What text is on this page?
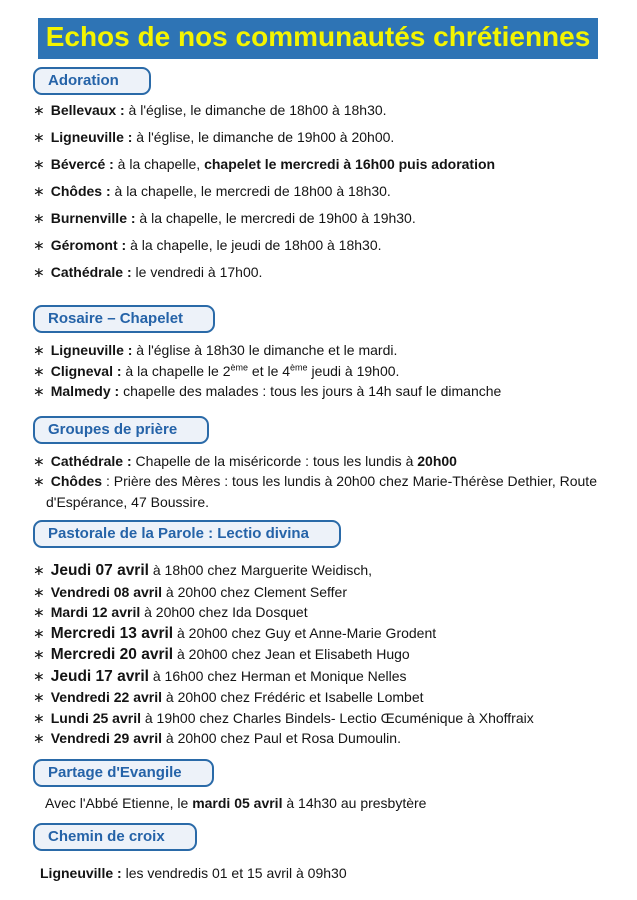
Echos de nos communautés chrétiennes
Adoration
∗ Bellevaux : à l'église, le dimanche de 18h00 à 18h30.
∗ Ligneuville : à l'église, le dimanche de 19h00 à 20h00.
∗ Bévercé : à la chapelle, chapelet le mercredi à 16h00 puis adoration
∗ Chôdes : à la chapelle, le mercredi de 18h00 à 18h30.
∗ Burnenville : à la chapelle, le mercredi de 19h00 à 19h30.
∗ Géromont : à la chapelle, le jeudi de 18h00 à 18h30.
∗ Cathédrale : le vendredi à 17h00.
Rosaire – Chapelet
∗ Ligneuville : à l'église à 18h30 le dimanche et le mardi.
∗ Cligneval : à la chapelle le 2ème et le 4ème jeudi à 19h00.
∗ Malmedy : chapelle des malades : tous les jours à 14h sauf le dimanche
Groupes de prière
∗ Cathédrale : Chapelle de la miséricorde : tous les lundis à 20h00
∗ Chôdes : Prière des Mères : tous les lundis à 20h00 chez Marie-Thérèse Dethier, Route d'Espérance, 47 Boussire.
Pastorale de la Parole : Lectio divina
∗ Jeudi 07 avril à 18h00 chez Marguerite Weidisch,
∗ Vendredi 08 avril à 20h00 chez Clement Seffer
∗ Mardi 12 avril à 20h00 chez Ida Dosquet
∗ Mercredi 13 avril à 20h00 chez Guy et Anne-Marie Grodent
∗ Mercredi 20 avril à 20h00 chez Jean et Elisabeth Hugo
∗ Jeudi 17 avril à 16h00 chez Herman et Monique Nelles
∗ Vendredi 22 avril à 20h00 chez Frédéric et Isabelle Lombet
∗ Lundi 25 avril à 19h00 chez Charles Bindels- Lectio Œcuménique à Xhoffraix
∗ Vendredi 29 avril à 20h00 chez Paul et Rosa Dumoulin.
Partage d'Evangile
Avec l'Abbé Etienne, le mardi 05 avril à 14h30 au presbytère
Chemin de croix
Ligneuville : les vendredis 01 et 15 avril à 09h30
